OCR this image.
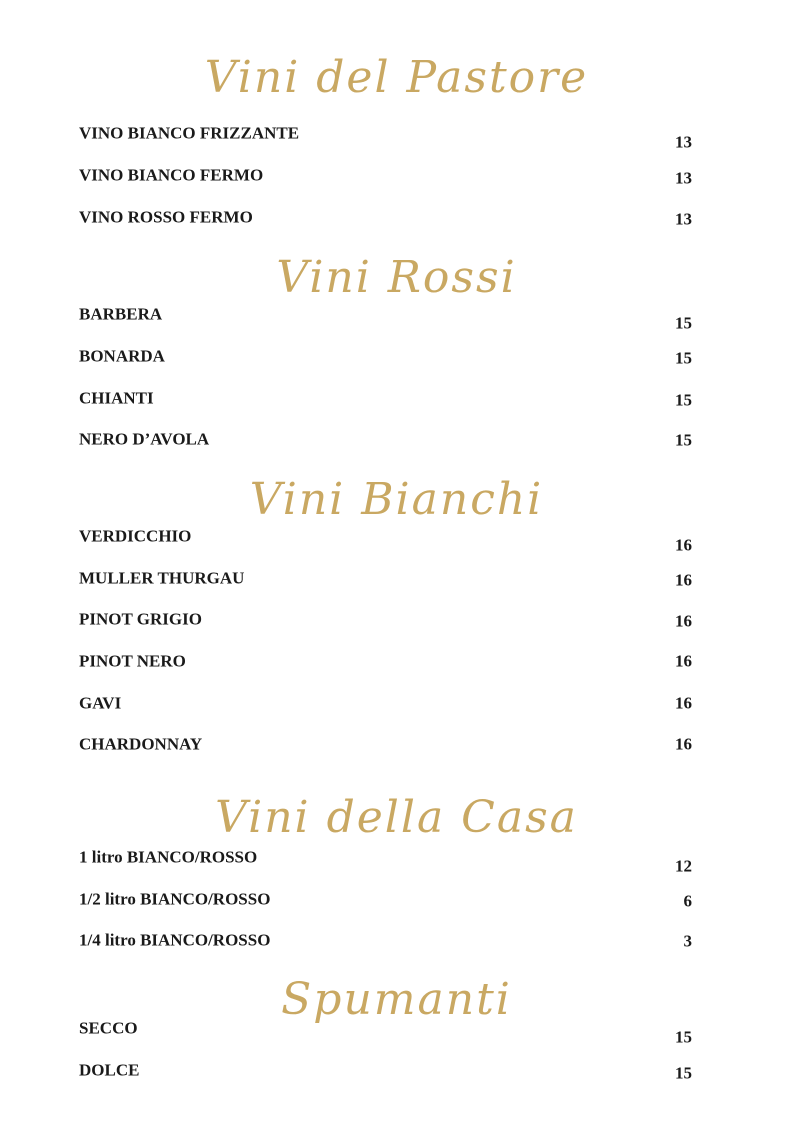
Vini del Pastore
VINO BIANCO FRIZZANTE	13
VINO BIANCO FERMO	13
VINO ROSSO FERMO	13
Vini Rossi
BARBERA	15
BONARDA	15
CHIANTI	15
NERO D’AVOLA	15
Vini Bianchi
VERDICCHIO	16
MULLER THURGAU	16
PINOT GRIGIO	16
PINOT NERO	16
GAVI	16
CHARDONNAY	16
Vini della Casa
1 litro BIANCO/ROSSO	12
1/2 litro BIANCO/ROSSO	6
1/4 litro BIANCO/ROSSO	3
Spumanti
SECCO	15
DOLCE	15
